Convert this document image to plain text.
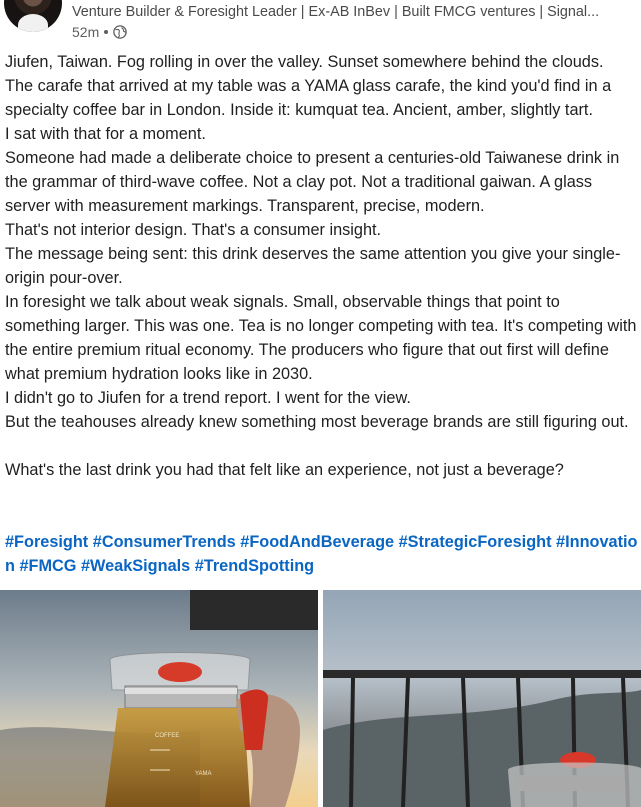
Venture Builder & Foresight Leader | Ex-AB InBev | Built FMCG ventures | Signal...
52m

Jiufen, Taiwan. Fog rolling in over the valley. Sunset somewhere behind the clouds.

The carafe that arrived at my table was a YAMA glass carafe, the kind you'd find in a specialty coffee bar in London. Inside it: kumquat tea. Ancient, amber, slightly tart.

I sat with that for a moment.

Someone had made a deliberate choice to present a centuries-old Taiwanese drink in the grammar of third-wave coffee. Not a clay pot. Not a traditional gaiwan. A glass server with measurement markings. Transparent, precise, modern.

That's not interior design. That's a consumer insight.

The message being sent: this drink deserves the same attention you give your single-origin pour-over.

In foresight we talk about weak signals. Small, observable things that point to something larger. This was one. Tea is no longer competing with tea. It's competing with the entire premium ritual economy. The producers who figure that out first will define what premium hydration looks like in 2030.

I didn't go to Jiufen for a trend report. I went for the view.

But the teahouses already knew something most beverage brands are still figuring out.

What's the last drink you had that felt like an experience, not just a beverage?

#Foresight #ConsumerTrends #FoodAndBeverage #StrategicForesight #Innovation #FMCG #WeakSignals #TrendSpotting
COFFEE
YAMA
